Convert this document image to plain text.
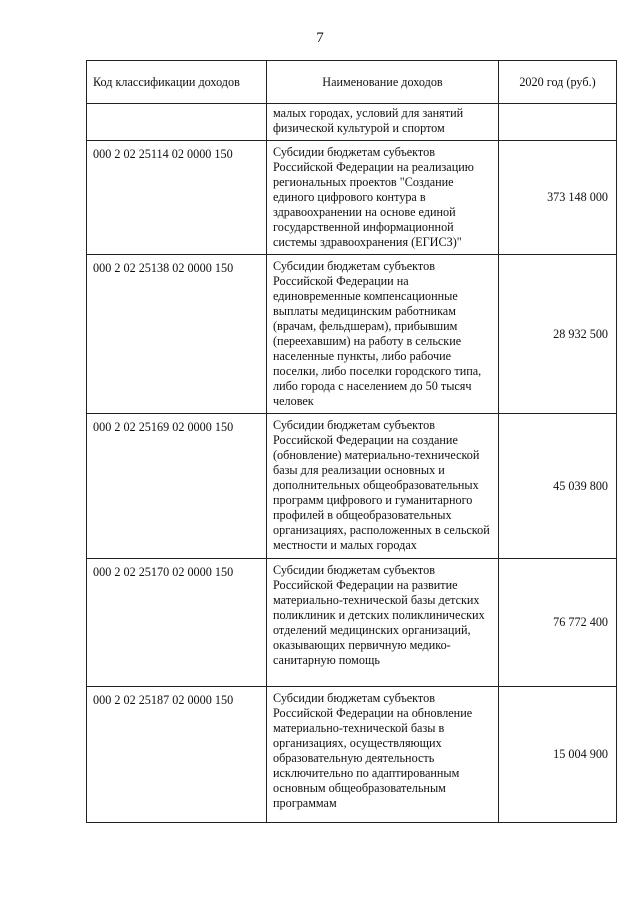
7
Код классификации доходов	Наименование доходов	2020 год (руб.)
	малых городах, условий для занятий физической культурой и спортом	
000 2 02 25114 02 0000 150	Субсидии бюджетам субъектов Российской Федерации на реализацию региональных проектов "Создание единого цифрового контура в здравоохранении на основе единой государственной информационной системы здравоохранения (ЕГИСЗ)"	373 148 000
000 2 02 25138 02 0000 150	Субсидии бюджетам субъектов Российской Федерации на единовременные компенсационные выплаты медицинским работникам (врачам, фельдшерам), прибывшим (переехавшим) на работу в сельские населенные пункты, либо рабочие поселки, либо поселки городского типа, либо города с населением до 50 тысяч человек	28 932 500
000 2 02 25169 02 0000 150	Субсидии бюджетам субъектов Российской Федерации на создание (обновление) материально-технической базы для реализации основных и дополнительных общеобразовательных программ цифрового и гуманитарного профилей в общеобразовательных организациях, расположенных в сельской местности и малых городах	45 039 800
000 2 02 25170 02 0000 150	Субсидии бюджетам субъектов Российской Федерации на развитие материально-технической базы детских поликлиник и детских поликлинических отделений медицинских организаций, оказывающих первичную медико-санитарную помощь	76 772 400
000 2 02 25187 02 0000 150	Субсидии бюджетам субъектов Российской Федерации на обновление материально-технической базы в организациях, осуществляющих образовательную деятельность исключительно по адаптированным основным общеобразовательным программам	15 004 900
